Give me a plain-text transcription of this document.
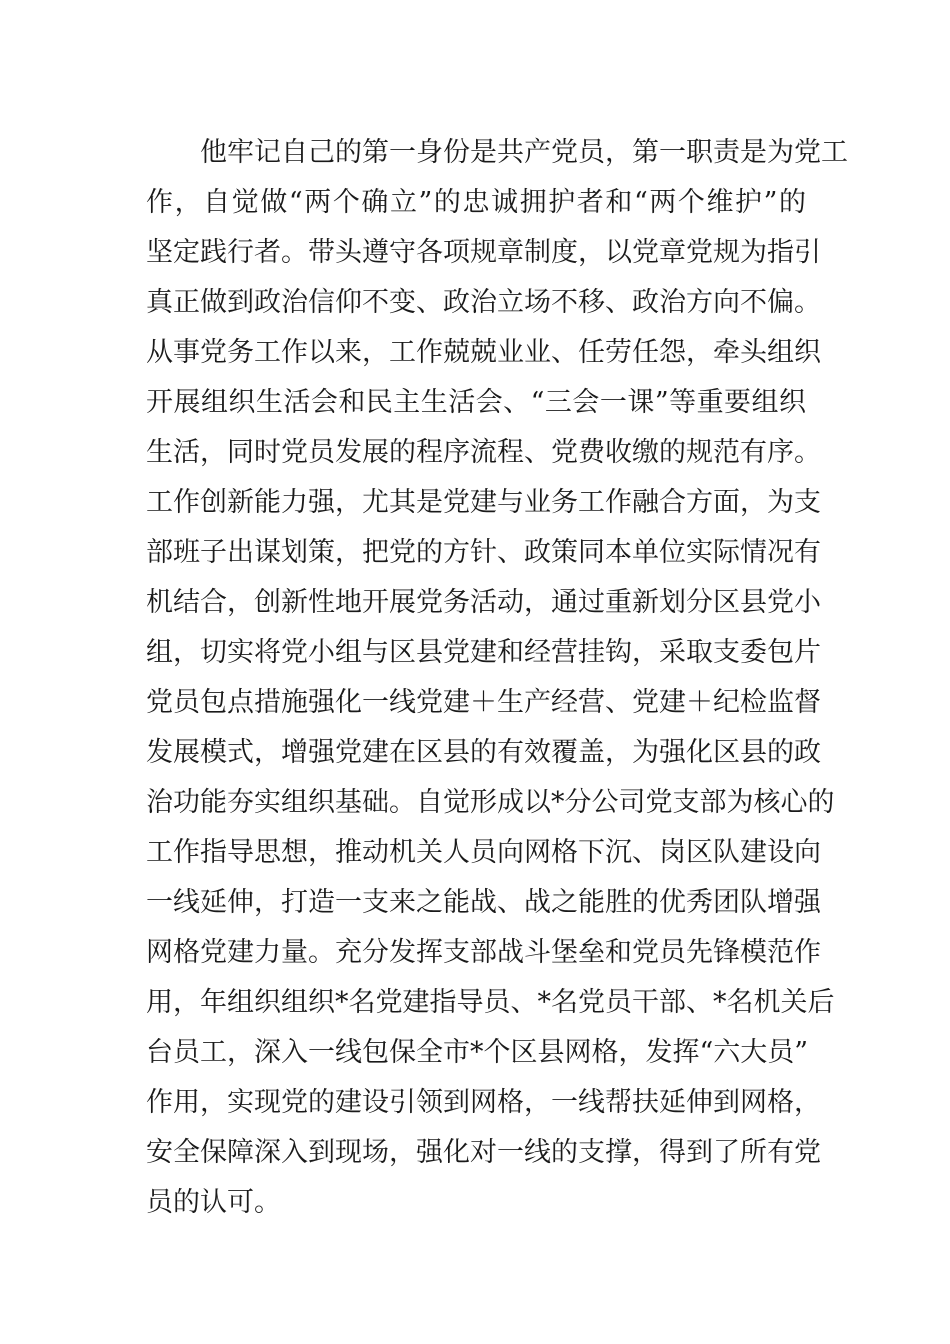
　　他牢记自己的第一身份是共产党员，第一职责是为党工
作，自觉做“两个确立”的忠诚拥护者和“两个维护”的
坚定践行者。带头遵守各项规章制度，以党章党规为指引
真正做到政治信仰不变、政治立场不移、政治方向不偏。
从事党务工作以来，工作兢兢业业、任劳任怨，牵头组织
开展组织生活会和民主生活会、“三会一课”等重要组织
生活，同时党员发展的程序流程、党费收缴的规范有序。
工作创新能力强，尤其是党建与业务工作融合方面，为支
部班子出谋划策，把党的方针、政策同本单位实际情况有
机结合，创新性地开展党务活动，通过重新划分区县党小
组，切实将党小组与区县党建和经营挂钩，采取支委包片
党员包点措施强化一线党建＋生产经营、党建＋纪检监督
发展模式，增强党建在区县的有效覆盖，为强化区县的政
治功能夯实组织基础。自觉形成以*分公司党支部为核心的
工作指导思想，推动机关人员向网格下沉、岗区队建设向
一线延伸，打造一支来之能战、战之能胜的优秀团队增强
网格党建力量。充分发挥支部战斗堡垒和党员先锋模范作
用，年组织组织*名党建指导员、*名党员干部、*名机关后
台员工，深入一线包保全市*个区县网格，发挥“六大员”
作用，实现党的建设引领到网格，一线帮扶延伸到网格，
安全保障深入到现场，强化对一线的支撑，得到了所有党
员的认可。
